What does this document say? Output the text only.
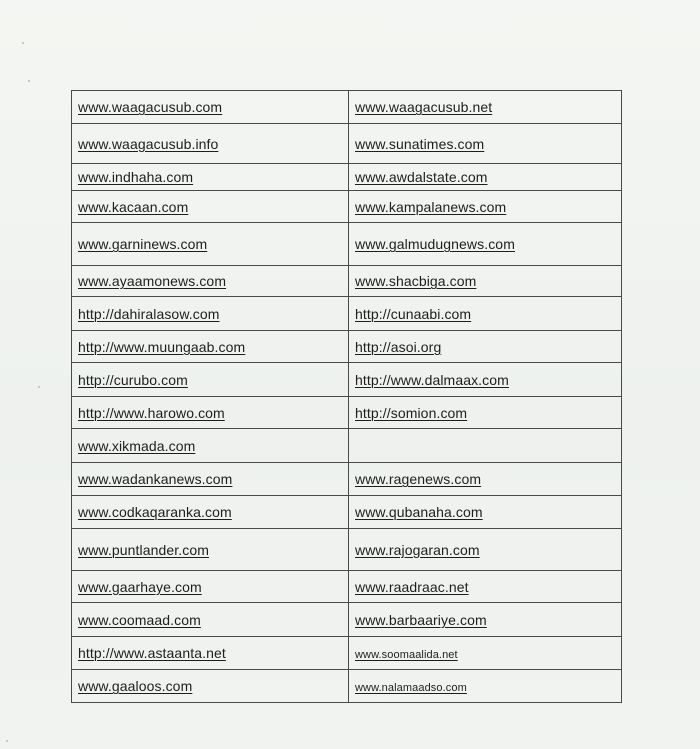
www.waagacusub.com	www.waagacusub.net
www.waagacusub.info	www.sunatimes.com
www.indhaha.com	www.awdalstate.com
www.kacaan.com	www.kampalanews.com
www.garninews.com	www.galmudugnews.com
www.ayaamonews.com	www.shacbiga.com
http://dahiralasow.com	http://cunaabi.com
http://www.muungaab.com	http://asoi.org
http://curubo.com	http://www.dalmaax.com
http://www.harowo.com	http://somion.com
www.xikmada.com	
www.wadankanews.com	www.ragenews.com
www.codkaqaranka.com	www.qubanaha.com
www.puntlander.com	www.rajogaran.com
www.gaarhaye.com	www.raadraac.net
www.coomaad.com	www.barbaariye.com
http://www.astaanta.net	www.soomaalida.net
www.gaaloos.com	www.nalamaadso.com
